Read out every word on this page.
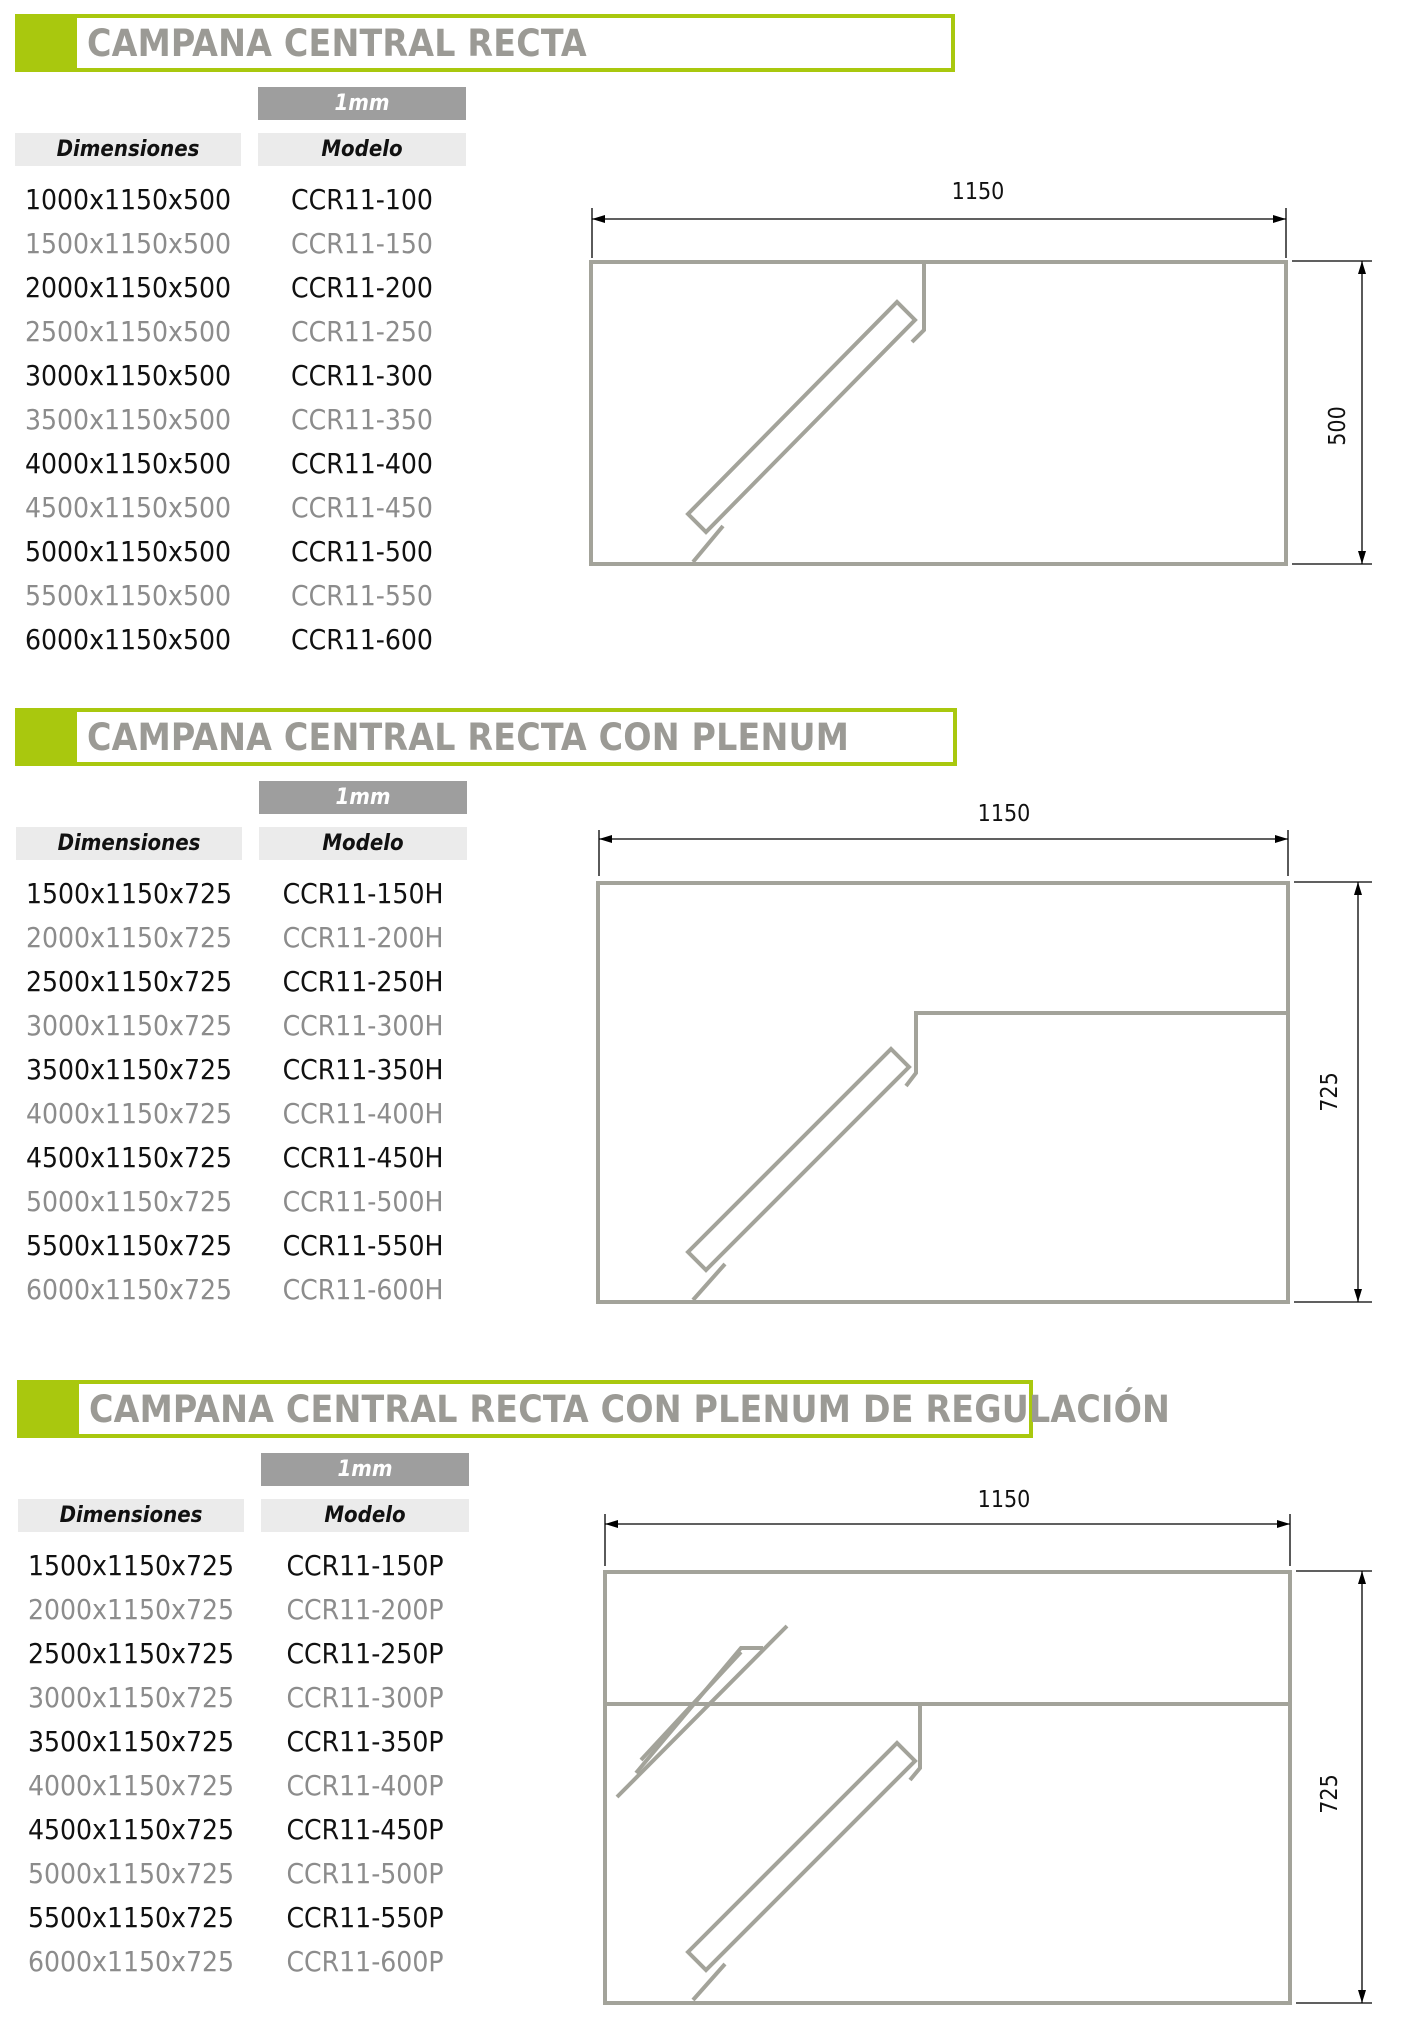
CAMPANA CENTRAL RECTA
1mm
Dimensiones	Modelo
1000x1150x500	CCR11-100
1500x1150x500	CCR11-150
2000x1150x500	CCR11-200
2500x1150x500	CCR11-250
3000x1150x500	CCR11-300
3500x1150x500	CCR11-350
4000x1150x500	CCR11-400
4500x1150x500	CCR11-450
5000x1150x500	CCR11-500
5500x1150x500	CCR11-550
6000x1150x500	CCR11-600
1150
500
CAMPANA CENTRAL RECTA CON PLENUM
1mm
Dimensiones	Modelo
1500x1150x725	CCR11-150H
2000x1150x725	CCR11-200H
2500x1150x725	CCR11-250H
3000x1150x725	CCR11-300H
3500x1150x725	CCR11-350H
4000x1150x725	CCR11-400H
4500x1150x725	CCR11-450H
5000x1150x725	CCR11-500H
5500x1150x725	CCR11-550H
6000x1150x725	CCR11-600H
1150
725
CAMPANA CENTRAL RECTA CON PLENUM DE REGULACIÓN
1mm
Dimensiones	Modelo
1500x1150x725	CCR11-150P
2000x1150x725	CCR11-200P
2500x1150x725	CCR11-250P
3000x1150x725	CCR11-300P
3500x1150x725	CCR11-350P
4000x1150x725	CCR11-400P
4500x1150x725	CCR11-450P
5000x1150x725	CCR11-500P
5500x1150x725	CCR11-550P
6000x1150x725	CCR11-600P
1150
725
